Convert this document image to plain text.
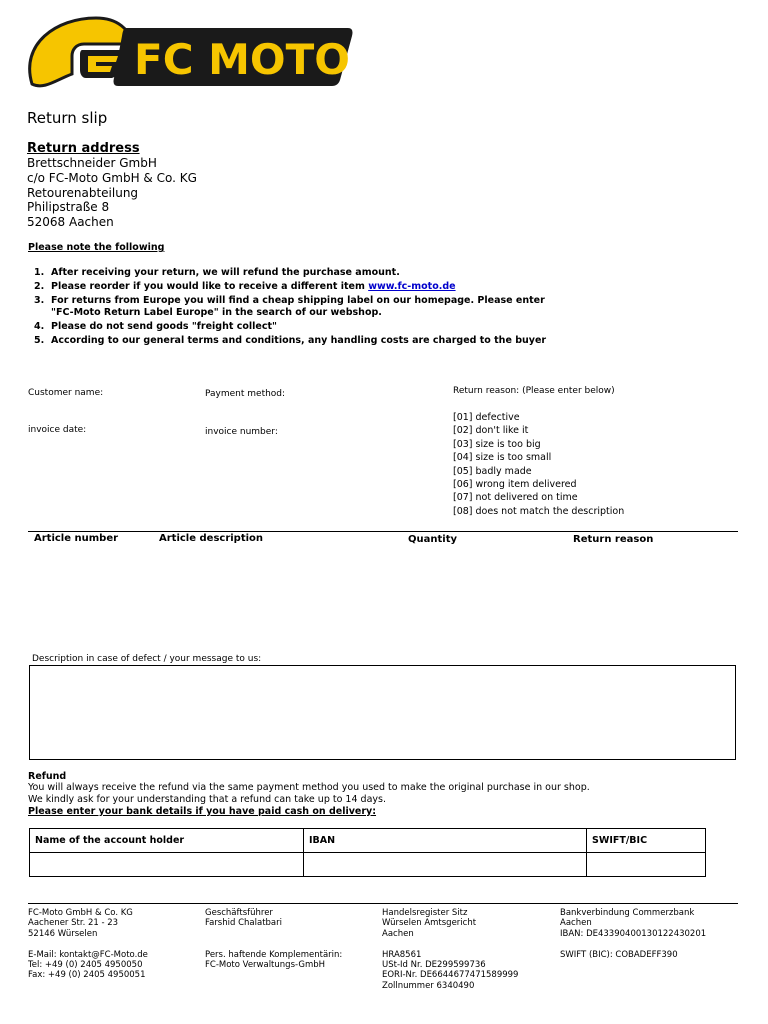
FC MOTO
Return slip
Return address
Brettschneider GmbH
c/o FC-Moto GmbH & Co. KG
Retourenabteilung
Philipstraße 8
52068 Aachen
Please note the following
1. After receiving your return, we will refund the purchase amount.
2. Please reorder if you would like to receive a different item www.fc-moto.de
3. For returns from Europe you will find a cheap shipping label on our homepage. Please enter "FC-Moto Return Label Europe" in the search of our webshop.
4. Please do not send goods "freight collect"
5. According to our general terms and conditions, any handling costs are charged to the buyer
Customer name:	Payment method:	Return reason: (Please enter below)
invoice date:	invoice number:
[01] defective
[02] don't like it
[03] size is too big
[04] size is too small
[05] badly made
[06] wrong item delivered
[07] not delivered on time
[08] does not match the description
Article number	Article description	Quantity	Return reason
Description in case of defect / your message to us:
Refund
You will always receive the refund via the same payment method you used to make the original purchase in our shop.
We kindly ask for your understanding that a refund can take up to 14 days.
Please enter your bank details if you have paid cash on delivery:
Name of the account holder	IBAN	SWIFT/BIC

FC-Moto GmbH & Co. KG
Aachener Str. 21 - 23
52146 Würselen
E-Mail: kontakt@FC-Moto.de
Tel: +49 (0) 2405 4950050
Fax: +49 (0) 2405 4950051
Geschäftsführer
Farshid Chalatbari
Pers. haftende Komplementärin:
FC-Moto Verwaltungs-GmbH
Handelsregister Sitz
Würselen Amtsgericht
Aachen
HRA8561
USt-Id Nr. DE299599736
EORI-Nr. DE6644677471589999
Zollnummer 6340490
Bankverbindung Commerzbank
Aachen
IBAN: DE43390400130122430201
SWIFT (BIC): COBADEFF390
